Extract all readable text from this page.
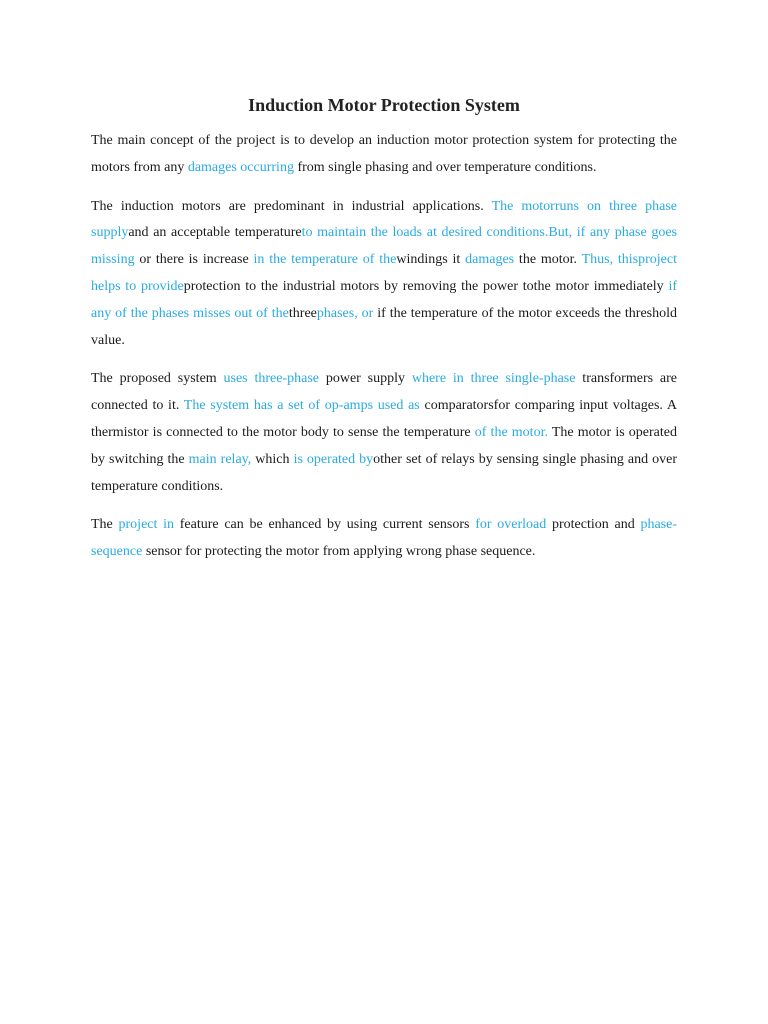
Induction Motor Protection System

The main concept of the project is to develop an induction motor protection system for protecting the motors from any damages occurring from single phasing and over temperature conditions.

The induction motors are predominant in industrial applications. The motorruns on three phase supplyand an acceptable temperatureto maintain the loads at desired conditions.But, if any phase goes missing or there is increase in the temperature of thewindings it damages the motor. Thus, thisproject helps to provideprotection to the industrial motors by removing the power tothe motor immediately if any of the phases misses out of thethreephases, or if the temperature of the motor exceeds the threshold value.

The proposed system uses three-phase power supply where in three single-phase transformers are connected to it. The system has a set of op-amps used as comparatorsfor comparing input voltages. A thermistor is connected to the motor body to sense the temperature of the motor. The motor is operated by switching the main relay, which is operated byother set of relays by sensing single phasing and over temperature conditions.

The project in feature can be enhanced by using current sensors for overload protection and phase-sequence sensor for protecting the motor from applying wrong phase sequence.
